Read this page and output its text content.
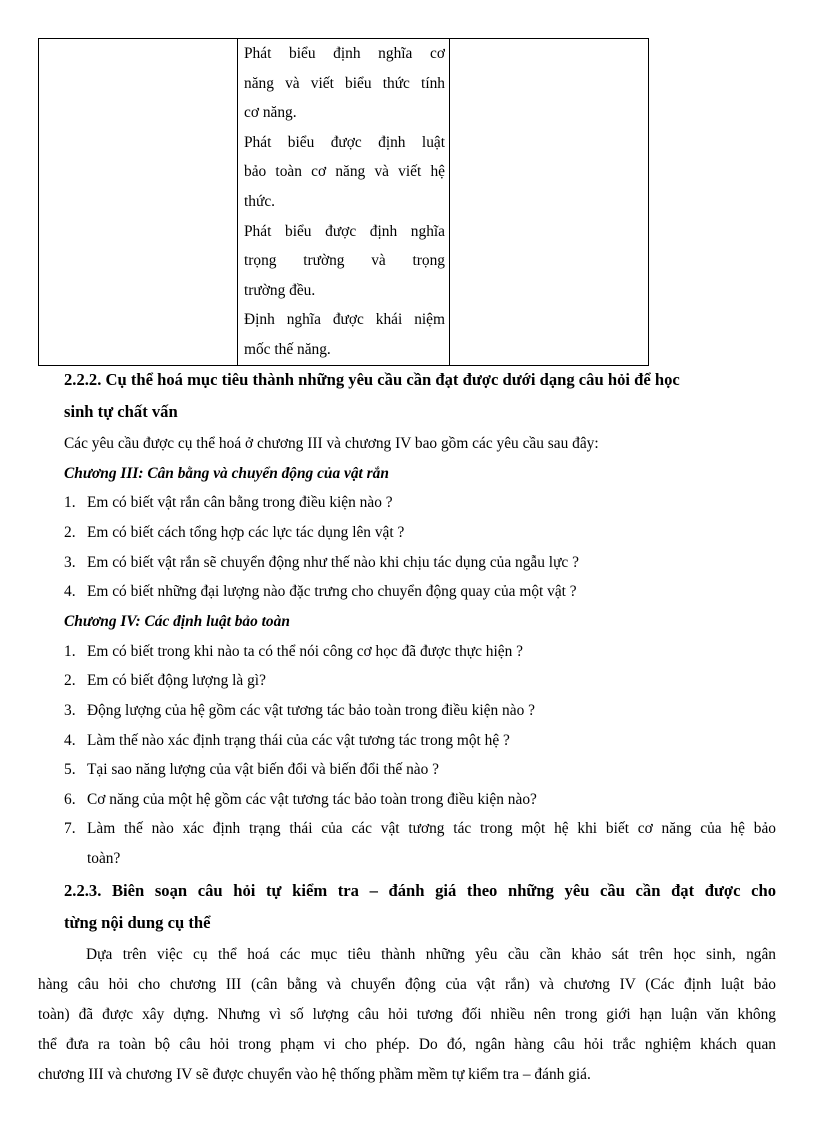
Phát biểu định nghĩa cơ
năng và viết biểu thức tính
cơ năng.
Phát biểu được định luật
bảo toàn cơ năng và viết hệ
thức.
Phát biểu được định nghĩa
trọng trường và trọng
trường đều.
Định nghĩa được khái niệm
mốc thế năng.
2.2.2. Cụ thể hoá mục tiêu thành những yêu cầu cần đạt được dưới dạng câu hỏi để học
sinh tự chất vấn
Các yêu cầu được cụ thể hoá ở chương III và chương IV bao gồm các yêu cầu sau đây:
Chương III: Cân bằng và chuyển động của vật rắn
1. Em có biết vật rắn cân bằng trong điều kiện nào ?
2. Em có biết cách tổng hợp các lực tác dụng lên vật ?
3. Em có biết vật rắn sẽ chuyển động như thế nào khi chịu tác dụng của ngẫu lực ?
4. Em có biết những đại lượng nào đặc trưng cho chuyển động quay của một vật ?
Chương IV: Các định luật bảo toàn
1. Em có biết trong khi nào ta có thể nói công cơ học đã được thực hiện ?
2. Em có biết động lượng là gì?
3. Động lượng của hệ gồm các vật tương tác bảo toàn trong điều kiện nào ?
4. Làm thế nào xác định trạng thái của các vật tương tác trong một hệ ?
5. Tại sao năng lượng của vật biến đổi và biến đổi thế nào ?
6. Cơ năng của một hệ gồm các vật tương tác bảo toàn trong điều kiện nào?
7. Làm thế nào xác định trạng thái của các vật tương tác trong một hệ khi biết cơ năng của hệ bảo
toàn?
2.2.3. Biên soạn câu hỏi tự kiểm tra – đánh giá theo những yêu cầu cần đạt được cho
từng nội dung cụ thể
Dựa trên việc cụ thể hoá các mục tiêu thành những yêu cầu cần khảo sát trên học sinh, ngân
hàng câu hỏi cho chương III (cân bằng và chuyển động của vật rắn) và chương IV (Các định luật bảo
toàn) đã được xây dựng. Nhưng vì số lượng câu hỏi tương đối nhiều nên trong giới hạn luận văn không
thể đưa ra toàn bộ câu hỏi trong phạm vi cho phép. Do đó, ngân hàng câu hỏi trắc nghiệm khách quan
chương III và chương IV sẽ được chuyển vào hệ thống phầm mềm tự kiểm tra – đánh giá.
